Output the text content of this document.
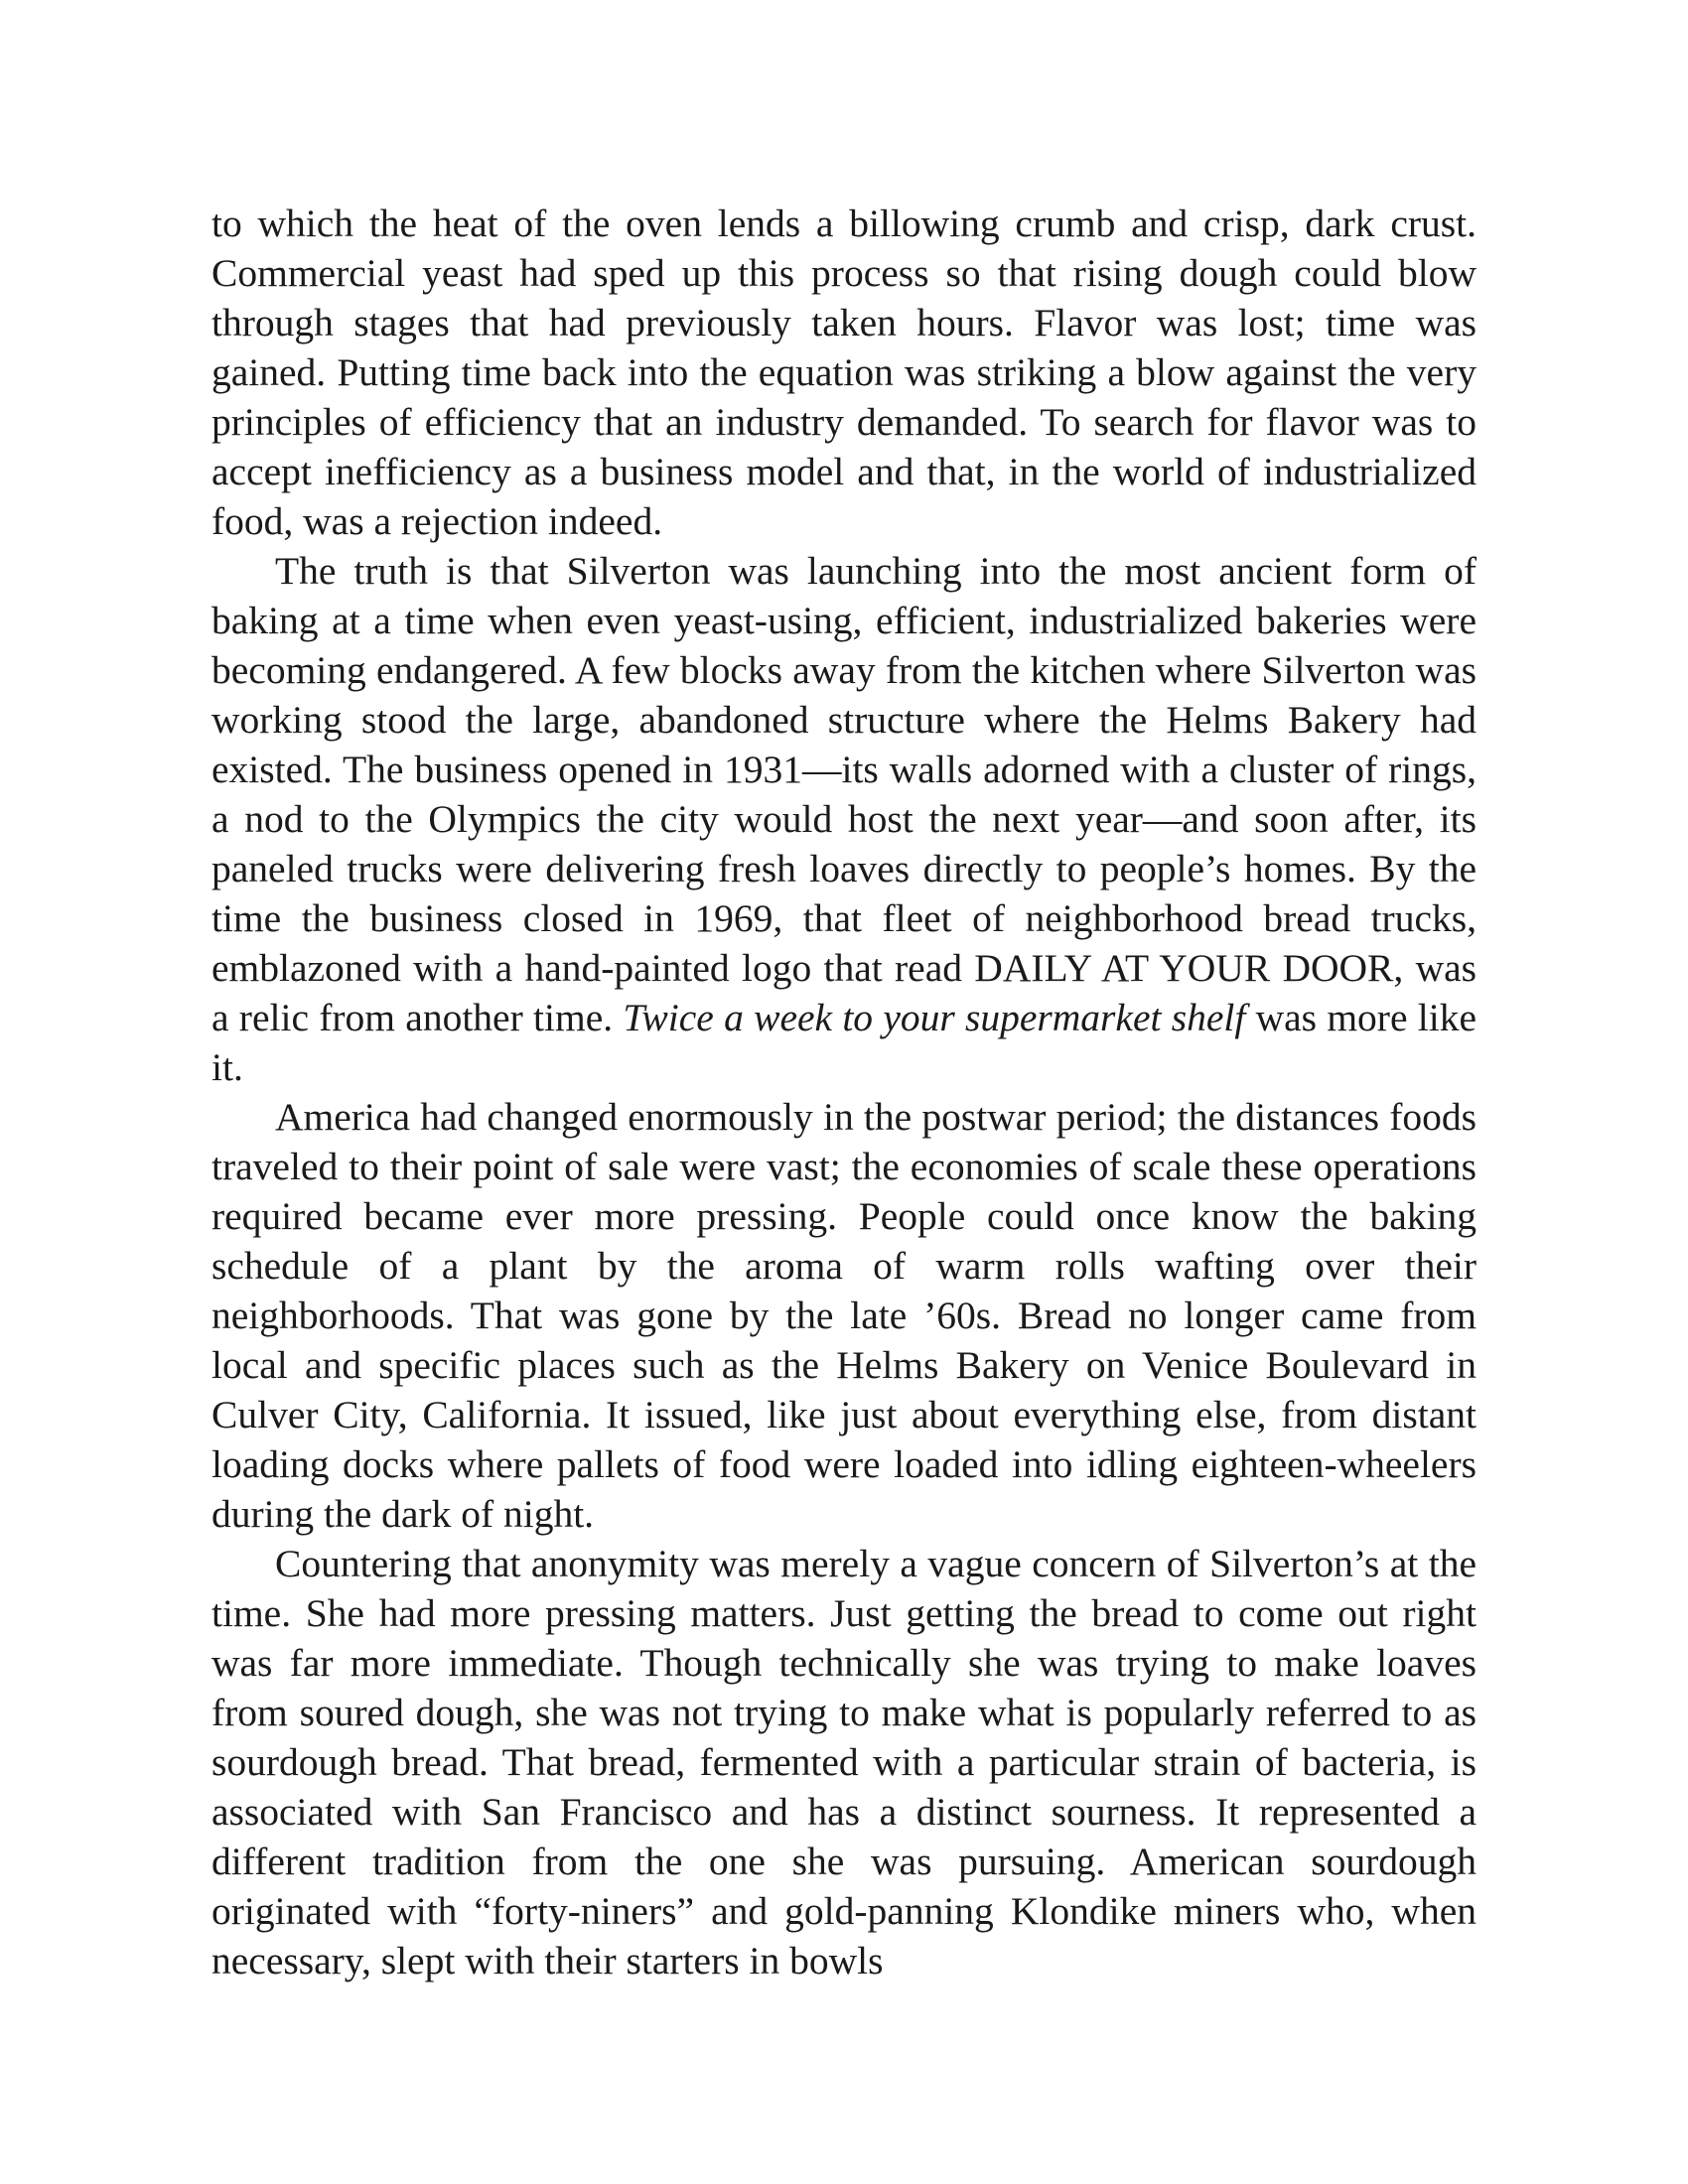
to which the heat of the oven lends a billowing crumb and crisp, dark crust. Commercial yeast had sped up this process so that rising dough could blow through stages that had previously taken hours. Flavor was lost; time was gained. Putting time back into the equation was striking a blow against the very principles of efficiency that an industry demanded. To search for flavor was to accept inefficiency as a business model and that, in the world of industrialized food, was a rejection indeed.

The truth is that Silverton was launching into the most ancient form of baking at a time when even yeast-using, efficient, industrialized bakeries were becoming endangered. A few blocks away from the kitchen where Silverton was working stood the large, abandoned structure where the Helms Bakery had existed. The business opened in 1931—its walls adorned with a cluster of rings, a nod to the Olympics the city would host the next year—and soon after, its paneled trucks were delivering fresh loaves directly to people’s homes. By the time the business closed in 1969, that fleet of neighborhood bread trucks, emblazoned with a hand-painted logo that read DAILY AT YOUR DOOR, was a relic from another time. Twice a week to your supermarket shelf was more like it.

America had changed enormously in the postwar period; the distances foods traveled to their point of sale were vast; the economies of scale these operations required became ever more pressing. People could once know the baking schedule of a plant by the aroma of warm rolls wafting over their neighborhoods. That was gone by the late ’60s. Bread no longer came from local and specific places such as the Helms Bakery on Venice Boulevard in Culver City, California. It issued, like just about everything else, from distant loading docks where pallets of food were loaded into idling eighteen-wheelers during the dark of night.

Countering that anonymity was merely a vague concern of Silverton’s at the time. She had more pressing matters. Just getting the bread to come out right was far more immediate. Though technically she was trying to make loaves from soured dough, she was not trying to make what is popularly referred to as sourdough bread. That bread, fermented with a particular strain of bacteria, is associated with San Francisco and has a distinct sourness. It represented a different tradition from the one she was pursuing. American sourdough originated with “forty-niners” and gold-panning Klondike miners who, when necessary, slept with their starters in bowls
